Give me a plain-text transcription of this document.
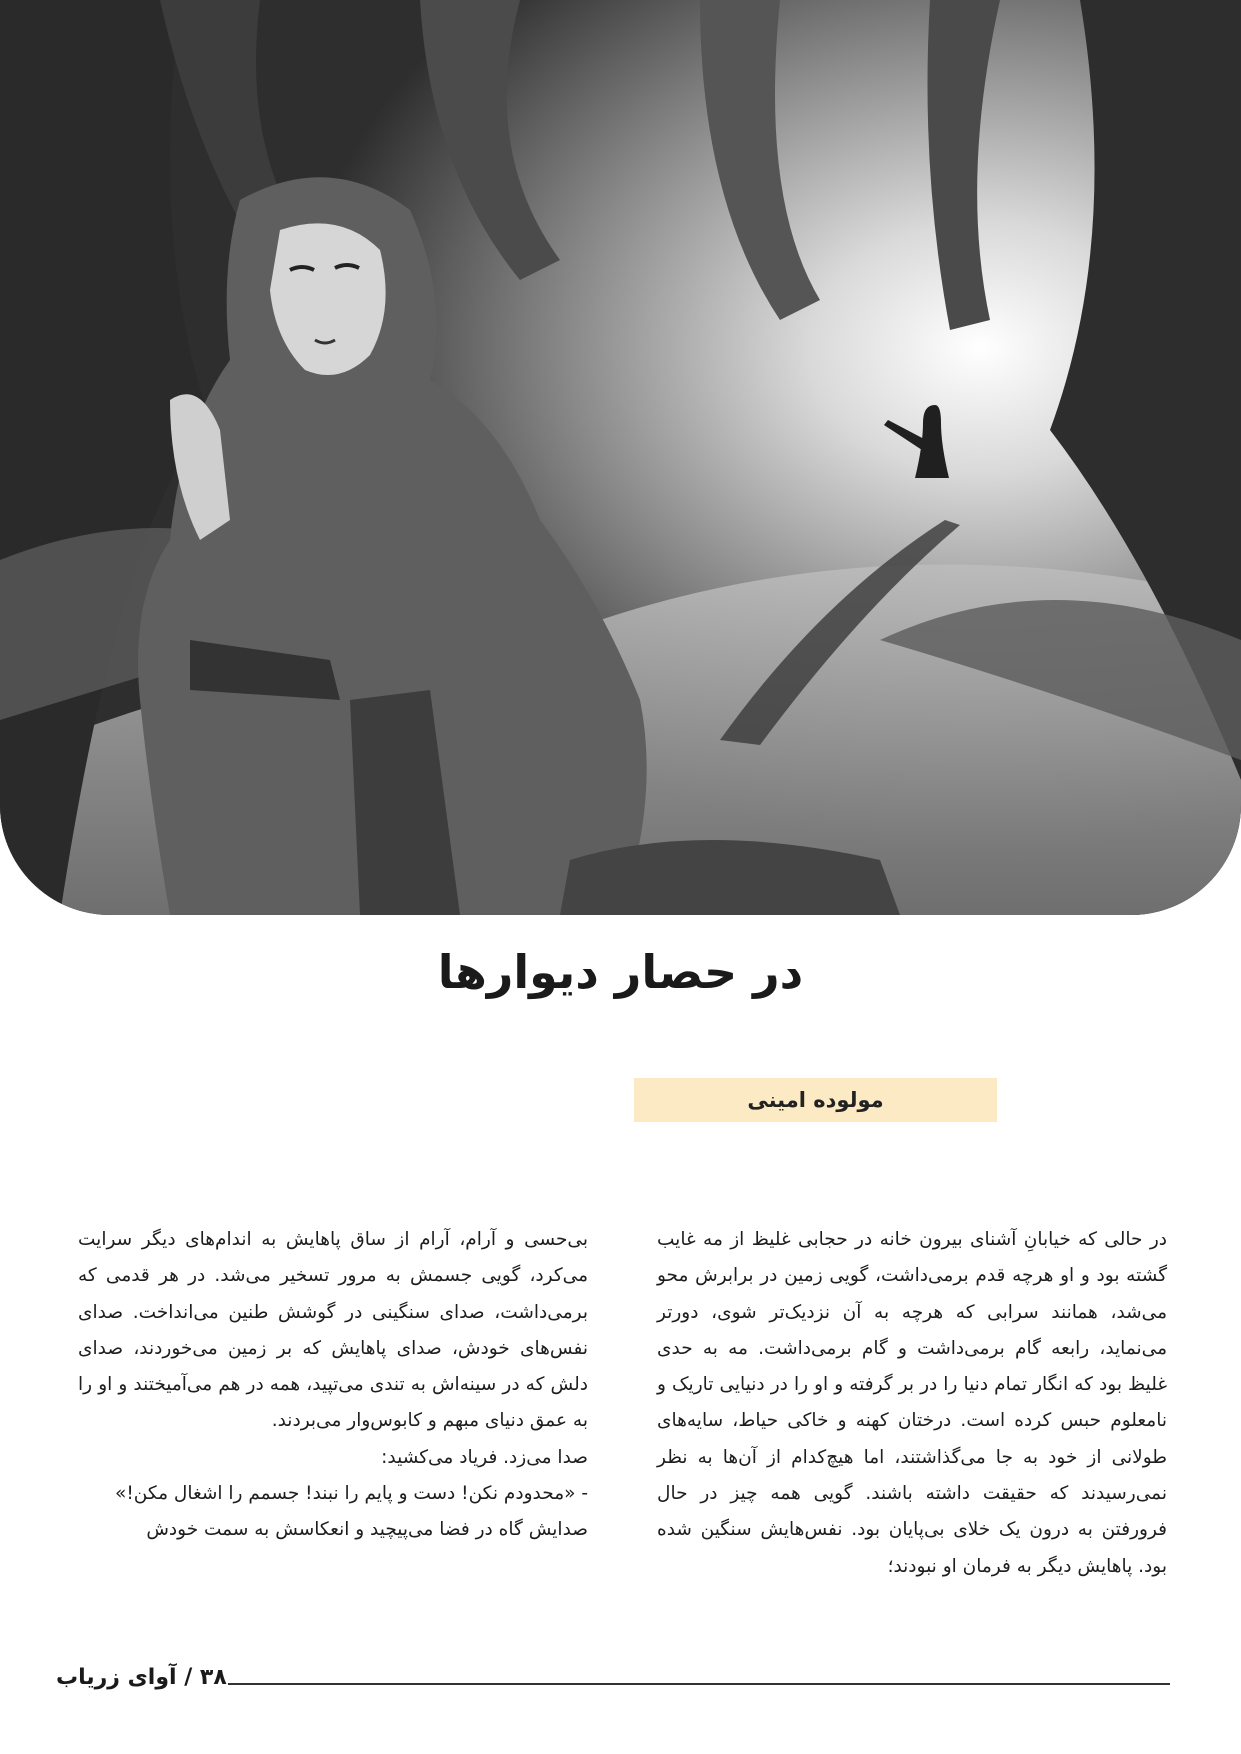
در حصار دیوارها
مولوده امینی

در حالی که خیابانِ آشنای بیرون خانه در حجابی غلیظ از مه غایب گشته بود و او هرچه قدم برمی‌داشت، گویی زمین در برابرش محو می‌شد، همانند سرابی که هرچه به آن نزدیک‌تر شوی، دورتر می‌نماید، رابعه گام برمی‌داشت و گام برمی‌داشت. مه به حدی غلیظ بود که انگار تمام دنیا را در بر گرفته و او را در دنیایی تاریک و نامعلوم حبس کرده است. درختان کهنه و خاکی حیاط، سایه‌های طولانی از خود به جا می‌گذاشتند، اما هیچ‌کدام از آن‌ها به نظر نمی‌رسیدند که حقیقت داشته باشند. گویی همه چیز در حال فرورفتن به درون یک خلای بی‌پایان بود. نفس‌هایش سنگین شده بود. پاهایش دیگر به فرمان او نبودند؛

بی‌حسی و آرام، آرام از ساق پاهایش به اندام‌های دیگر سرایت می‌کرد، گویی جسمش به مرور تسخیر می‌شد. در هر قدمی که برمی‌داشت، صدای سنگینی در گوشش طنین می‌انداخت. صدای نفس‌های خودش، صدای پاهایش که بر زمین می‌خوردند، صدای دلش که در سینه‌اش به تندی می‌تپید، همه در هم می‌آمیختند و او را به عمق دنیای مبهم و کابوس‌وار می‌بردند.

صدا می‌زد. فریاد می‌کشید:

- «محدودم نکن! دست و پایم را نبند! جسمم را اشغال مکن!»

صدایش گاه در فضا می‌پیچید و انعکاسش به سمت خودش

۳۸ / آوای زریاب
